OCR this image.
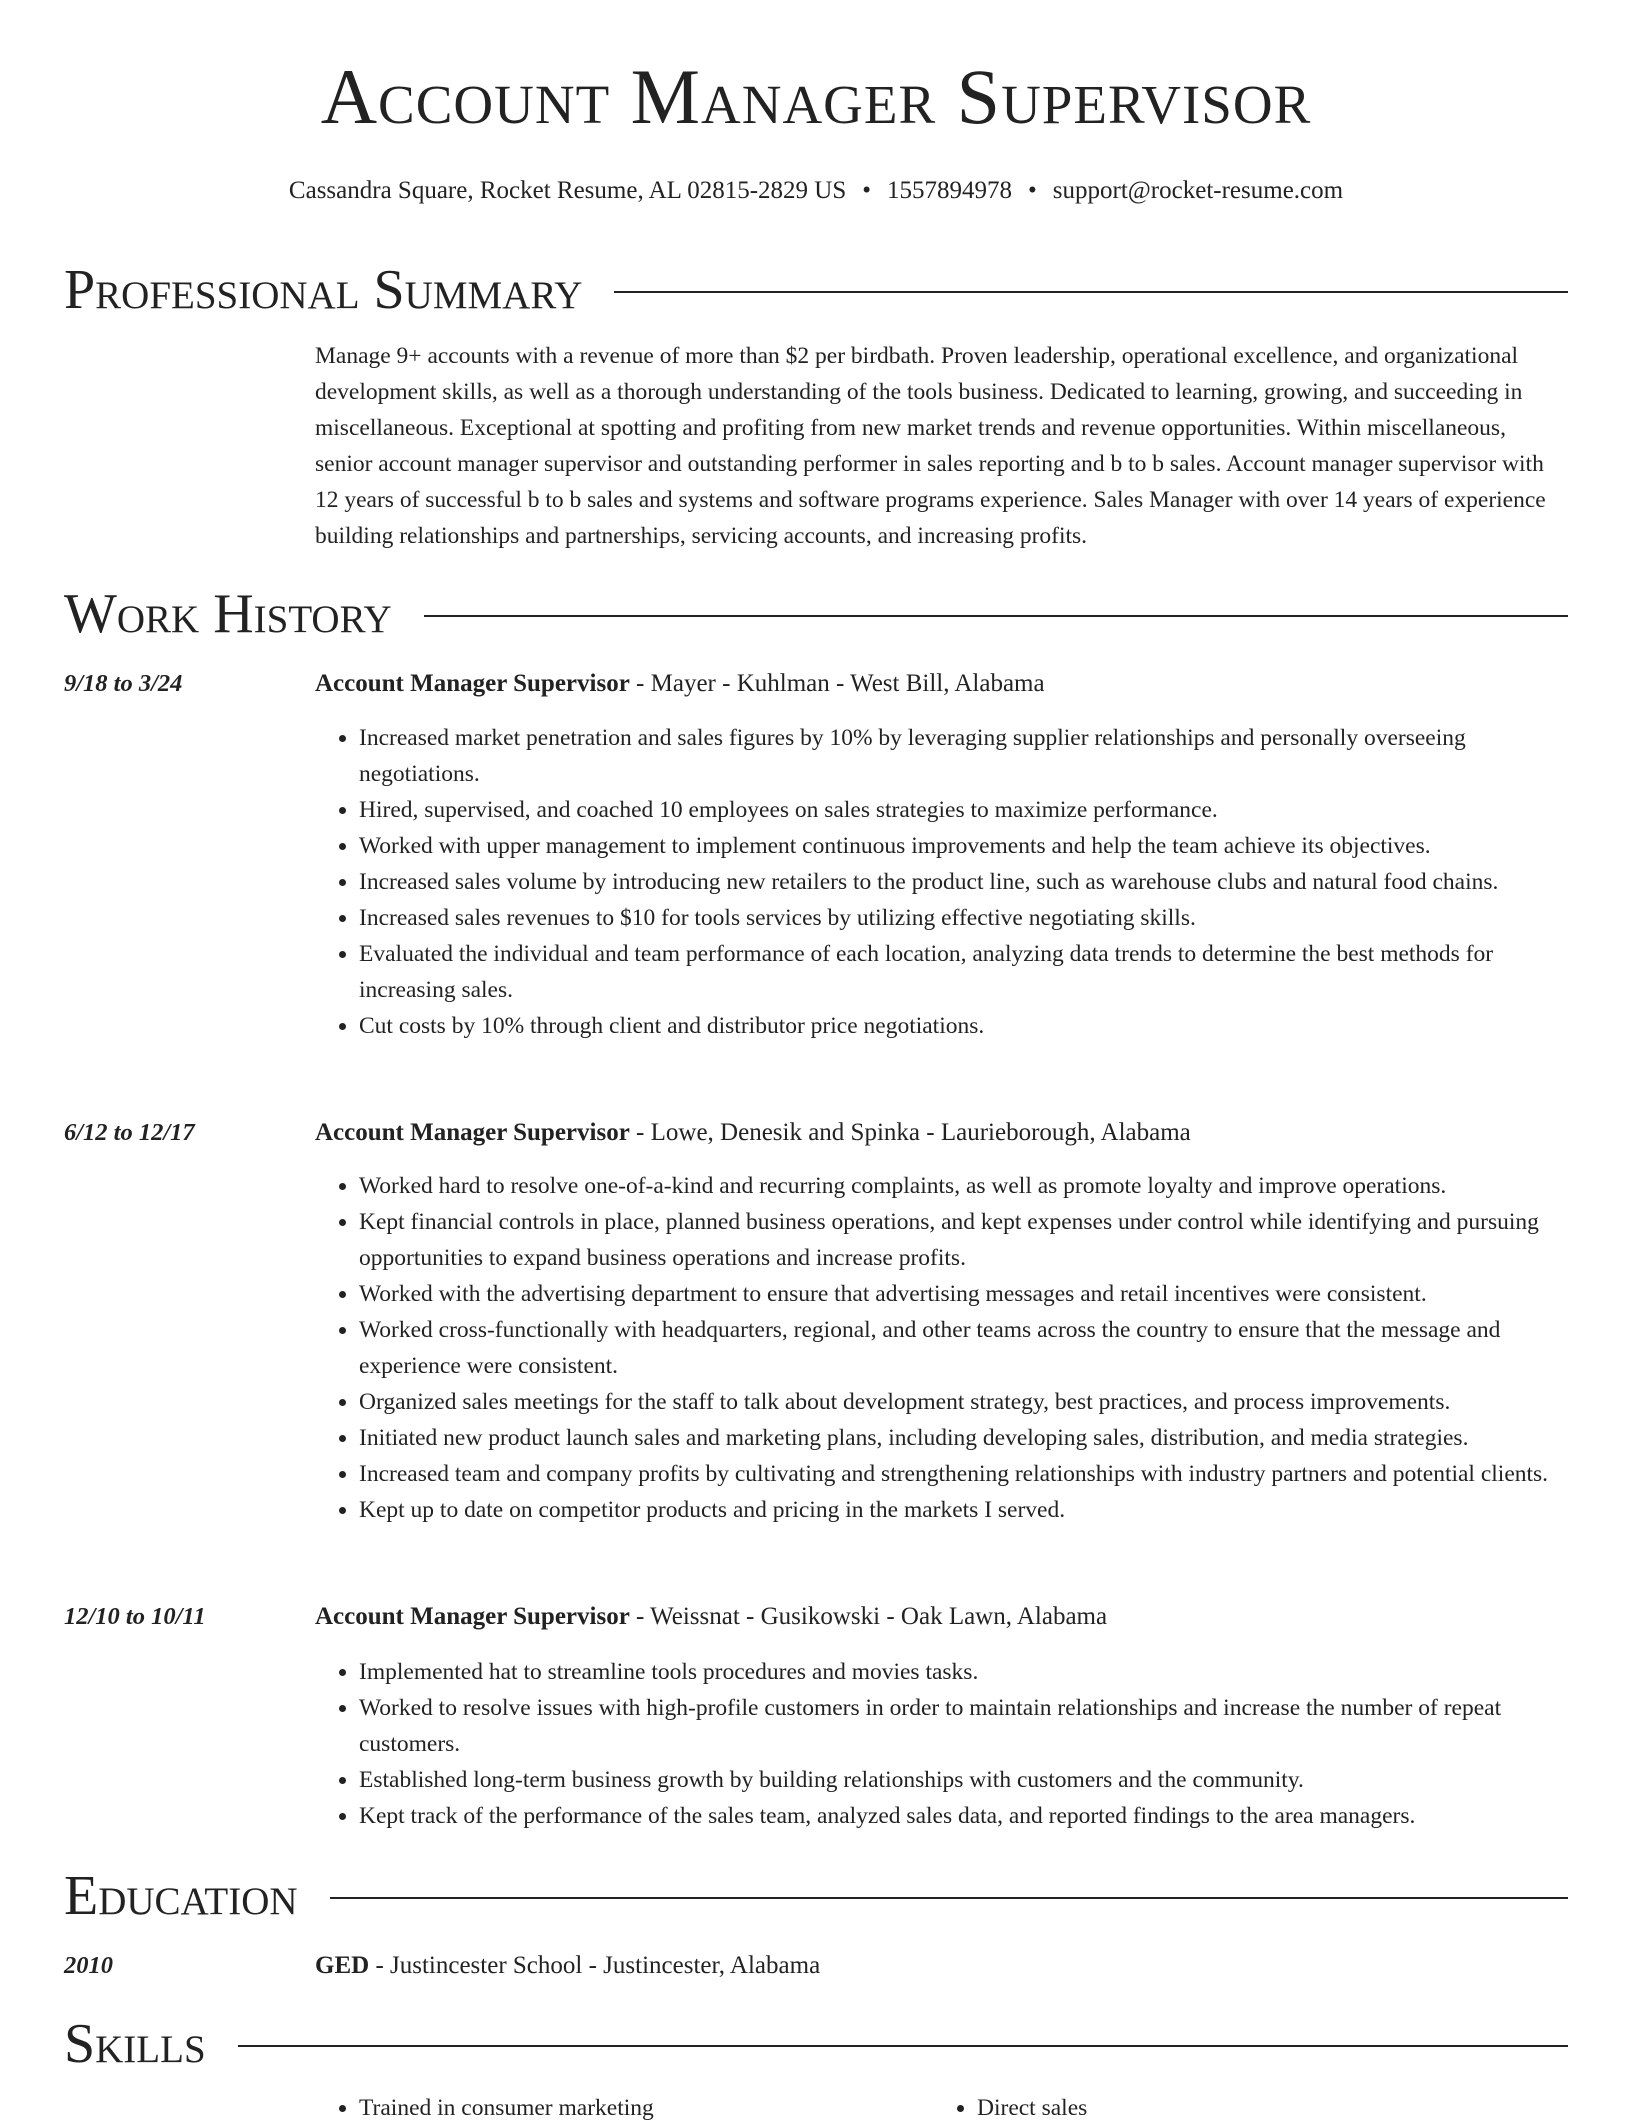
Account Manager Supervisor
Cassandra Square, Rocket Resume, AL 02815-2829 US • 1557894978 • support@rocket-resume.com
Professional Summary
Manage 9+ accounts with a revenue of more than $2 per birdbath. Proven leadership, operational excellence, and organizational development skills, as well as a thorough understanding of the tools business. Dedicated to learning, growing, and succeeding in miscellaneous. Exceptional at spotting and profiting from new market trends and revenue opportunities. Within miscellaneous, senior account manager supervisor and outstanding performer in sales reporting and b to b sales. Account manager supervisor with 12 years of successful b to b sales and systems and software programs experience. Sales Manager with over 14 years of experience building relationships and partnerships, servicing accounts, and increasing profits.
Work History
9/18 to 3/24	Account Manager Supervisor - Mayer - Kuhlman - West Bill, Alabama
• Increased market penetration and sales figures by 10% by leveraging supplier relationships and personally overseeing negotiations.
• Hired, supervised, and coached 10 employees on sales strategies to maximize performance.
• Worked with upper management to implement continuous improvements and help the team achieve its objectives.
• Increased sales volume by introducing new retailers to the product line, such as warehouse clubs and natural food chains.
• Increased sales revenues to $10 for tools services by utilizing effective negotiating skills.
• Evaluated the individual and team performance of each location, analyzing data trends to determine the best methods for increasing sales.
• Cut costs by 10% through client and distributor price negotiations.
6/12 to 12/17	Account Manager Supervisor - Lowe, Denesik and Spinka - Laurieborough, Alabama
• Worked hard to resolve one-of-a-kind and recurring complaints, as well as promote loyalty and improve operations.
• Kept financial controls in place, planned business operations, and kept expenses under control while identifying and pursuing opportunities to expand business operations and increase profits.
• Worked with the advertising department to ensure that advertising messages and retail incentives were consistent.
• Worked cross-functionally with headquarters, regional, and other teams across the country to ensure that the message and experience were consistent.
• Organized sales meetings for the staff to talk about development strategy, best practices, and process improvements.
• Initiated new product launch sales and marketing plans, including developing sales, distribution, and media strategies.
• Increased team and company profits by cultivating and strengthening relationships with industry partners and potential clients.
• Kept up to date on competitor products and pricing in the markets I served.
12/10 to 10/11	Account Manager Supervisor - Weissnat - Gusikowski - Oak Lawn, Alabama
• Implemented hat to streamline tools procedures and movies tasks.
• Worked to resolve issues with high-profile customers in order to maintain relationships and increase the number of repeat customers.
• Established long-term business growth by building relationships with customers and the community.
• Kept track of the performance of the sales team, analyzed sales data, and reported findings to the area managers.
Education
2010	GED - Justincester School - Justincester, Alabama
Skills
• Trained in consumer marketing
•	Direct sales
